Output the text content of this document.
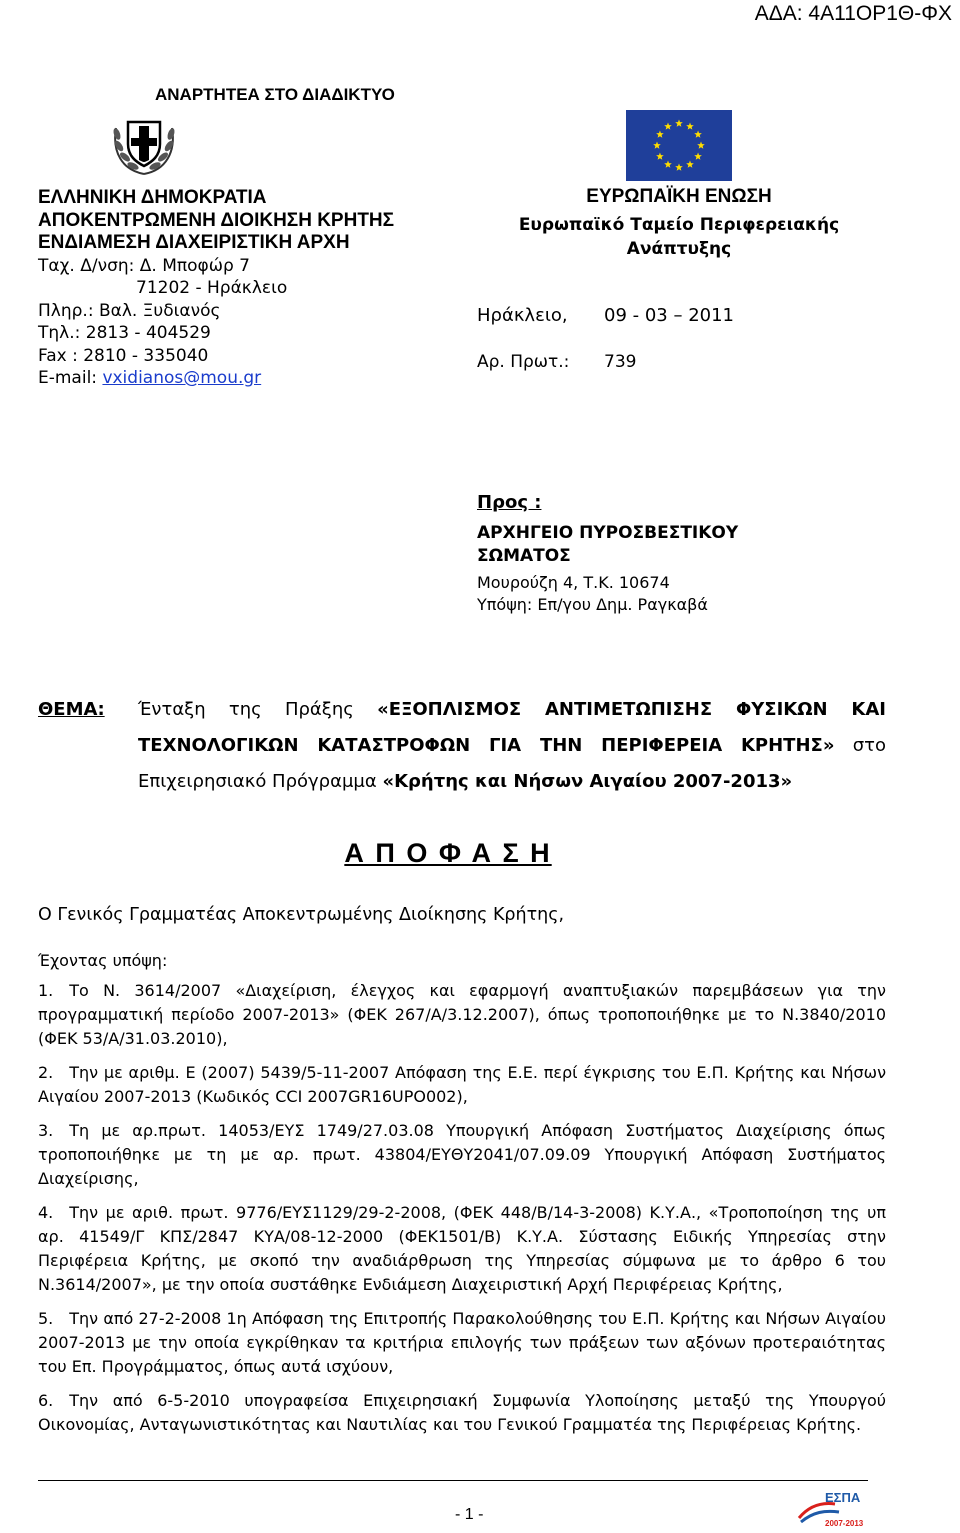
ΑΔΑ: 4Α11ΟΡ1Θ-ΦΧ
ΑΝΑΡΤΗΤΕΑ ΣΤΟ ΔΙΑΔΙΚΤΥΟ
ΕΛΛΗΝΙΚΗ ΔΗΜΟΚΡΑΤΙΑ
ΑΠΟΚΕΝΤΡΩΜΕΝΗ ΔΙΟΙΚΗΣΗ ΚΡΗΤΗΣ
ΕΝΔΙΑΜΕΣΗ ΔΙΑΧΕΙΡΙΣΤΙΚΗ ΑΡΧΗ
Ταχ. Δ/νση: Δ. Μποφώρ 7
71202 - Ηράκλειο
Πληρ.: Βαλ. Ξυδιανός
Τηλ.: 2813 - 404529
Fax : 2810 - 335040
E-mail: vxidianos@mou.gr
ΕΥΡΩΠΑΪΚΗ ΕΝΩΣΗ
Ευρωπαϊκό Ταμείο Περιφερειακής Ανάπτυξης
Ηράκλειο, 09 - 03 – 2011
Αρ. Πρωτ.: 739
Προς :
ΑΡΧΗΓΕΙΟ ΠΥΡΟΣΒΕΣΤΙΚΟΥ ΣΩΜΑΤΟΣ
Μουρούζη 4, Τ.Κ. 10674
Υπόψη: Επ/γου Δημ. Ραγκαβά
ΘΕΜΑ: Ένταξη της Πράξης «ΕΞΟΠΛΙΣΜΟΣ ΑΝΤΙΜΕΤΩΠΙΣΗΣ ΦΥΣΙΚΩΝ ΚΑΙ ΤΕΧΝΟΛΟΓΙΚΩΝ ΚΑΤΑΣΤΡΟΦΩΝ ΓΙΑ ΤΗΝ ΠΕΡΙΦΕΡΕΙΑ ΚΡΗΤΗΣ» στο Επιχειρησιακό Πρόγραμμα «Κρήτης και Νήσων Αιγαίου 2007-2013»
Α Π Ο Φ Α Σ Η
Ο Γενικός Γραμματέας Αποκεντρωμένης Διοίκησης Κρήτης,
Έχοντας υπόψη:
1. Το Ν. 3614/2007 «Διαχείριση, έλεγχος και εφαρμογή αναπτυξιακών παρεμβάσεων για την προγραμματική περίοδο 2007-2013» (ΦΕΚ 267/Α/3.12.2007), όπως τροποποιήθηκε με το Ν.3840/2010 (ΦΕΚ 53/Α/31.03.2010),
2. Την με αριθμ. Ε (2007) 5439/5-11-2007 Απόφαση της Ε.Ε. περί έγκρισης του Ε.Π. Κρήτης και Νήσων Αιγαίου 2007-2013 (Κωδικός CCI 2007GR16UPO002),
3. Τη με αρ.πρωτ. 14053/ΕΥΣ 1749/27.03.08 Υπουργική Απόφαση Συστήματος Διαχείρισης όπως τροποποιήθηκε με τη με αρ. πρωτ. 43804/ΕΥΘΥ2041/07.09.09 Υπουργική Απόφαση Συστήματος Διαχείρισης,
4. Την με αριθ. πρωτ. 9776/ΕΥΣ1129/29-2-2008, (ΦΕΚ 448/Β/14-3-2008) Κ.Υ.Α., «Τροποποίηση της υπ αρ. 41549/Γ ΚΠΣ/2847 ΚΥΑ/08-12-2000 (ΦΕΚ1501/Β) Κ.Υ.Α. Σύστασης Ειδικής Υπηρεσίας στην Περιφέρεια Κρήτης, με σκοπό την αναδιάρθρωση της Υπηρεσίας σύμφωνα με το άρθρο 6 του Ν.3614/2007», με την οποία συστάθηκε Ενδιάμεση Διαχειριστική Αρχή Περιφέρειας Κρήτης,
5. Την από 27-2-2008 1η Απόφαση της Επιτροπής Παρακολούθησης του Ε.Π. Κρήτης και Νήσων Αιγαίου 2007-2013 με την οποία εγκρίθηκαν τα κριτήρια επιλογής των πράξεων των αξόνων προτεραιότητας του Επ. Προγράμματος, όπως αυτά ισχύουν,
6. Την από 6-5-2010 υπογραφείσα Επιχειρησιακή Συμφωνία Υλοποίησης μεταξύ της Υπουργού Οικονομίας, Ανταγωνιστικότητας και Ναυτιλίας και του Γενικού Γραμματέα της Περιφέρειας Κρήτης.
- 1 -
ΕΣΠΑ
2007-2013
